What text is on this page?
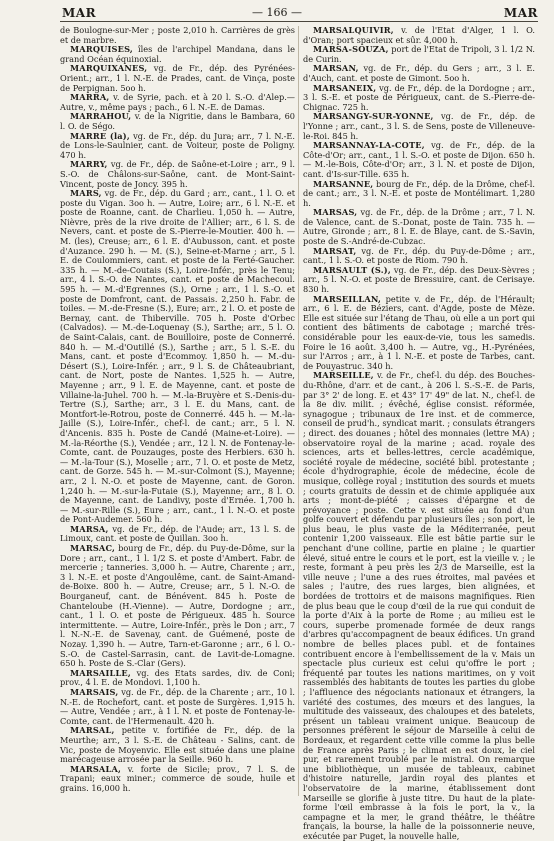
MAR	— 166 —	MAR

de Boulogne-sur-Mer ; poste 2,010 h. Carrières de grès et de marbre.

MARQUISES, îles de l'archipel Mandana, dans le grand Océan équinoxial.

MARQUIXANES, vg. de Fr., dép. des Pyrénées-Orient.; arr., 1 l. N.-E. de Prades, cant. de Vinça, poste de Perpignan. 5oo h.

MARRA, v. de Syrie, pach. et à 20 l. S.-O. d'Alep.— Autre, v., même pays ; pach., 6 l. N.-E. de Damas.

MARRAHOU, v. de la Nigritie, dans le Bambara, 60 l. O. de Ségo.

MARRE (la), vg. de Fr., dép. du Jura; arr., 7 l. N.-E. de Lons-le-Saulnier, cant. de Voiteur, poste de Poligny. 470 h.

MARRY, vg. de Fr., dép. de Saône-et-Loire ; arr., 9 l. S.-O. de Châlons-sur-Saône, cant. de Mont-Saint-Vincent, poste de Joncy. 395 h.

MARS, vg. de Fr., dép. du Gard ; arr., cant., 1 l. O. et poste du Vigan. 3oo h. — Autre, Loire; arr., 6 l. N.-E. et poste de Roanne, cant. de Charlieu. 1,050 h. — Autre, Nièvre, près de la rive droite de l'Allier; arr., 6 l. S. de Nevers, cant. et poste de S.-Pierre-le-Moutier. 400 h. — M. (les), Creuse; arr., 6 l. E. d'Aubusson, cant. et poste d'Auzance. 290 h. — M. (S.), Seine-et-Marne ; arr., 5 l. E. de Coulommiers, cant. et poste de la Ferté-Gaucher. 335 h. — M.-de-Coutais (S.), Loire-Infér., près le Tenu; arr., 4 l. S.-O. de Nantes, cant. et poste de Machecoul. 595 h. — M.-d'Egrennes (S.), Orne ; arr., 1 l. S.-O. et poste de Domfront, cant. de Passais. 2,250 h. Fabr. de toiles. — M.-de-Fresne (S.), Eure; arr., 2 l. O. et poste de Bernay, cant. de Thiberville. 705 h. Poste d'Orbec (Calvados). — M.-de-Loquenay (S.), Sarthe; arr., 5 l. O. de Saint-Calais, cant. de Bouilloire, poste de Connerré. 840 h. — M.-d'Outillé (S.), Sarthe ; arr., 5 l. S.-E. du Mans, cant. et poste d'Ecommoy. 1,850 h. — M.-du-Désert (S.), Loire-Infér. ; arr., 9 l. S. de Châteaubriant, cant. de Nort, poste de Nantes. 1,525 h. — Autre, Mayenne ; arr., 9 l. E. de Mayenne, cant. et poste de Villaine-la-Juhel. 700 h. — M.-la-Bruyère et S.-Denis-du-Tertre (S.), Sarthe; arr., 3 l. E. du Mans, cant. de Montfort-le-Rotrou, poste de Connerré. 445 h. — M.-la-Jaille (S.), Loire-Infér., chef-l. de cant.; arr., 5 l. N. d'Ancenis. 835 h. Poste de Candé (Maine-et-Loire). — M.-la-Réorthe (S.), Vendée ; arr., 12 l. N. de Fontenay-le-Comte, cant. de Pouzauges, poste des Herbiers. 630 h. — M.-la-Tour (S.), Moselle ; arr., 7 l. O. et poste de Metz, cant. de Gorze. 545 h. — M.-sur-Colmont (S.), Mayenne; arr., 2 l. N.-O. et poste de Mayenne, cant. de Goron. 1,240 h. — M.-sur-la-Futaie (S.), Mayenne; arr., 8 l. O. de Mayenne, cant. de Landivy, poste d'Ernée. 1,700 h. — M.-sur-Rille (S.), Eure ; arr., cant., 1 l. N.-O. et poste de Pont-Audemer. 560 h.

MARSA, vg. de Fr., dép. de l'Aude; arr., 13 l. S. de Limoux, cant. et poste de Quillan. 3oo h.

MARSAC, bourg de Fr., dép. du Puy-de-Dôme, sur la Dore ; arr., cant., 1 l. 1/2 S. et poste d'Ambert. Fabr. de mercerie ; tanneries. 3,000 h. — Autre, Charente ; arr., 3 l. N.-E. et poste d'Angoulême, cant. de Saint-Amand-de-Boixe. 800 h. — Autre, Creuse; arr., 5 l. N.-O. de Bourganeuf, cant. de Bénévent. 845 h. Poste de Chanteloube (H.-Vienne). — Autre, Dordogne ; arr., cant., 1 l. O. et poste de Périgueux. 485 h. Source intermittente. — Autre, Loire-Infér., près le Don ; arr., 7 l. N.-N.-E. de Savenay, cant. de Guémené, poste de Nozay. 1,390 h. — Autre, Tarn-et-Garonne ; arr., 6 l. O.-S.-O. de Castel-Sarrasin, cant. de Lavit-de-Lomagne. 650 h. Poste de S.-Clar (Gers).

MARSAILLE, vg. des Etats sardes, div. de Coni; prov., 4 l. E. de Mondovi. 1,100 h.

MARSAIS, vg. de Fr., dép. de la Charente ; arr., 10 l. N.-E. de Rochefort, cant. et poste de Surgères. 1,915 h. — Autre, Vendée ; arr., à 1 l. N. et poste de Fontenay-le-Comte, cant. de l'Hermenault. 420 h.

MARSAL, petite v. fortifiée de Fr., dép. de la Meurthe; arr., 3 l. S.-E. de Château - Salins, cant. de Vic, poste de Moyenvic. Elle est située dans une plaine marécageuse arrosée par la Seille. 960 h.

MARSALA, v. forte de Sicile; prov., 7 l. S. de Trapani; eaux miner.; commerce de soude, huile et grains. 16,000 h.

MARSALQUIVIR, v. de l'Etat d'Alger, 1 l. O. d'Oran; port spacieux et sûr. 4,000 h.

MARSA-SOUZA, port de l'Etat de Tripoli, 3 l. 1/2 N. de Curin.

MARSAN, vg. de Fr., dép. du Gers ; arr., 3 l. E. d'Auch, cant. et poste de Gimont. 5oo h.

MARSANEIX, vg. de Fr., dép. de la Dordogne ; arr., 3 l. S.-E. et poste de Périgueux, cant. de S.-Pierre-de-Chignac. 725 h.

MARSANGY-SUR-YONNE, vg. de Fr., dép. de l'Yonne ; arr., cant., 3 l. S. de Sens, poste de Villeneuve-le-Roi. 845 h.

MARSANNAY-LA-COTE, vg. de Fr., dép. de la Côte-d'Or; arr., cant., 1 l. S.-O. et poste de Dijon. 650 h. — M.-le-Bois, Côte-d'Or; arr., 3 l. N. et poste de Dijon, cant. d'Is-sur-Tille. 635 h.

MARSANNE, bourg de Fr., dép. de la Drôme, chef-l. de cant.; arr., 3 l. N.-E. et poste de Montélimart. 1,280 h.

MARSAS, vg. de Fr., dép. de la Drôme ; arr., 7 l. N. de Valence, cant. de S.-Donat, poste de Tain. 735 h. — Autre, Gironde ; arr., 8 l. E. de Blaye, cant. de S.-Savin, poste de S.-André-de-Cubzac.

MARSAT, vg. de Fr., dép. du Puy-de-Dôme ; arr., cant., 1 l. S.-O. et poste de Riom. 790 h.

MARSAULT (S.), vg. de Fr., dép. des Deux-Sèvres ; arr., 5 l. N.-O. et poste de Bressuire, cant. de Cerisaye. 830 h.

MARSEILLAN, petite v. de Fr., dép. de l'Hérault; arr., 6 l. E. de Béziers, cant. d'Agde, poste de Mèze. Elle est située sur l'étang de Thau, où elle a un port qui contient des bâtiments de cabotage ; marché très-considérable pour les eaux-de-vie, tous les samedis. Foire le 16 août. 3,400 h. — Autre, vg., H.-Pyrénées, sur l'Arros ; arr., à 1 l. N.-E. et poste de Tarbes, cant. de Pouyastruc. 340 h.

MARSEILLE, v. de Fr., chef-l. du dép. des Bouches-du-Rhône, d'arr. et de cant., à 206 l. S.-S.-E. de Paris, par 3° 2' de long. E. et 43° 17' 49" de lat. N., chef-l. de la 8e div. milit. ; évêché, église consist. réformée, synagogue ; tribunaux de 1re inst. et de commerce, conseil de prud'h., syndicat marit. ; consulats étrangers ; direct. des douanes ; hôtel des monnaies (lettre MA) ; observatoire royal de la marine ; acad. royale des sciences, arts et belles-lettres, cercle académique, société royale de médecine, société bibl. protestante ; école d'hydrographie, école de médecine, école de musique, collège royal ; institution des sourds et muets ; courts gratuits de dessin et de chimie appliquée aux arts ; mont-de-piété ; caisses d'épargne et de prévoyance ; poste. Cette v. est située au fond d'un golfe couvert et défendu par plusieurs îles ; son port, le plus beau, le plus vaste de la Méditerranée, peut contenir 1,200 vaisseaux. Elle est bâtie partie sur le penchant d'une colline, partie en plaine ; le quartier élevé, situé entre le cours et le port, est la vieille v. ; le reste, formant à peu près les 2/3 de Marseille, est la ville neuve ; l'une a des rues étroites, mal pavées et sales ; l'autre, des rues larges, bien alignées, et bordées de trottoirs et de maisons magnifiques. Rien de plus beau que le coup d'œil de la rue qui conduit de la porte d'Aix à la porte de Rome ; au milieu est le cours, superbe promenade formée de deux rangs d'arbres qu'accompagnent de beaux édifices. Un grand nombre de belles places publ. et de fontaines contribuent encore à l'embellissement de la v. Mais un spectacle plus curieux est celui qu'offre le port ; fréquenté par toutes les nations maritimes, on y voit rassemblés des habitants de toutes les parties du globe ; l'affluence des négociants nationaux et étrangers, la variété des costumes, des mœurs et des langues, la multitude des vaisseaux, des chaloupes et des batelets, présent un tableau vraiment unique. Beaucoup de personnes préfèrent le séjour de Marseille à celui de Bordeaux, et regardent cette ville comme la plus belle de France après Paris ; le climat en est doux, le ciel pur, et rarement troublé par le mistral. On remarque une bibliothèque, un musée de tableaux, cabinet d'histoire naturelle, jardin royal des plantes et l'observatoire de la marine, établissement dont Marseille se glorifie à juste titre. Du haut de la plate-forme l'œil embrasse à la fois le port, la v., la campagne et la mer, le grand théâtre, le théâtre français, la bourse, la halle de la poissonnerie neuve, exécutée par Puget, la nouvelle halle,
